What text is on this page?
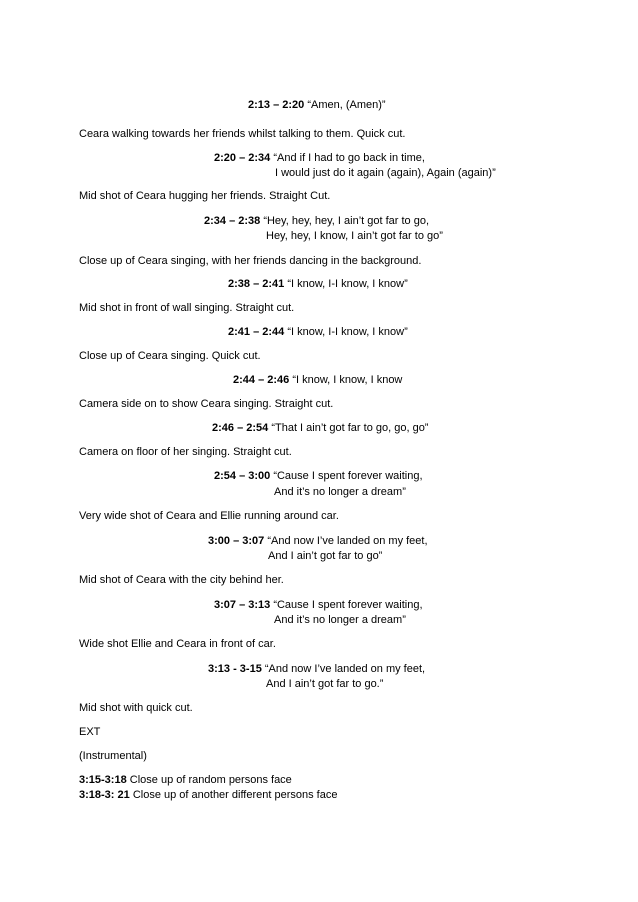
2:13 – 2:20 “Amen, (Amen)”
Ceara walking towards her friends whilst talking to them. Quick cut.
2:20 – 2:34 “And if I had to go back in time,
I would just do it again (again), Again (again)”
Mid shot of Ceara hugging her friends. Straight Cut.
2:34 – 2:38 “Hey, hey, hey, I ain’t got far to go,
Hey, hey, I know, I ain’t got far to go”
Close up of Ceara singing, with her friends dancing in the background.
2:38 – 2:41 “I know, I-I know, I know”
Mid shot in front of wall singing. Straight cut.
2:41 – 2:44 “I know, I-I know, I know”
Close up of Ceara singing. Quick cut.
2:44 – 2:46 “I know, I know, I know
Camera side on to show Ceara singing. Straight cut.
2:46 – 2:54 “That I ain’t got far to go, go, go”
Camera on floor of her singing. Straight cut.
2:54 – 3:00 “Cause I spent forever waiting,
And it’s no longer a dream”
Very wide shot of Ceara and Ellie running around car.
3:00 – 3:07 “And now I’ve landed on my feet,
And I ain’t got far to go”
Mid shot of Ceara with the city behind her.
3:07 – 3:13 “Cause I spent forever waiting,
And it’s no longer a dream”
Wide shot Ellie and Ceara in front of car.
3:13 - 3-15 “And now I’ve landed on my feet,
And I ain’t got far to go.”
Mid shot with quick cut.
EXT
(Instrumental)
3:15-3:18 Close up of random persons face
3:18-3: 21 Close up of another different persons face
